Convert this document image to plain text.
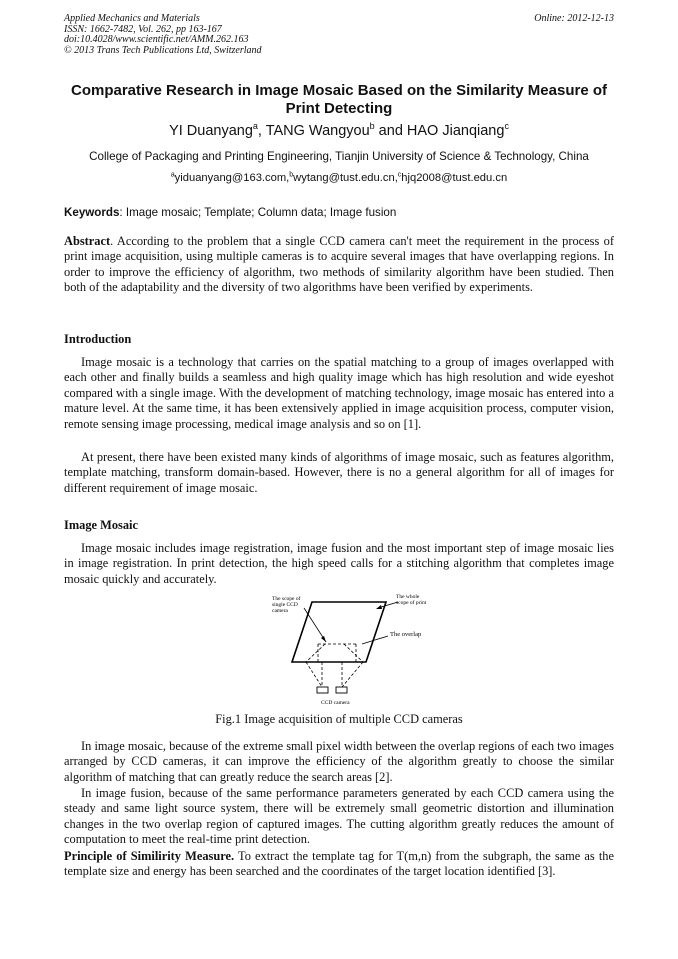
Applied Mechanics and Materials
ISSN: 1662-7482, Vol. 262, pp 163-167
doi:10.4028/www.scientific.net/AMM.262.163
© 2013 Trans Tech Publications Ltd, Switzerland
Online: 2012-12-13
Comparative Research in Image Mosaic Based on the Similarity Measure of Print Detecting
YI Duanyang$^a$, TANG Wangyou$^b$ and HAO Jianqiang$^c$
College of Packaging and Printing Engineering, Tianjin University of Science & Technology, China
$^a$yiduanyang@163.com,$^b$wytang@tust.edu.cn,$^c$hjq2008@tust.edu.cn
Keywords: Image mosaic; Template; Column data; Image fusion

Abstract. According to the problem that a single CCD camera can't meet the requirement in the process of print image acquisition, using multiple cameras is to acquire several images that have overlapping regions. In order to improve the efficiency of algorithm, two methods of similarity algorithm have been studied. Then both of the adaptability and the diversity of two algorithms have been verified by experiments.

Introduction

Image mosaic is a technology that carries on the spatial matching to a group of images overlapped with each other and finally builds a seamless and high quality image which has high resolution and wide eyeshot compared with a single image. With the development of matching technology, image mosaic has entered into a mature level. At the same time, it has been extensively applied in image acquisition process, computer vision, remote sensing image processing, medical image analysis and so on [1].

At present, there have been existed many kinds of algorithms of image mosaic, such as features algorithm, template matching, transform domain-based. However, there is no a general algorithm for all of images for different requirement of image mosaic.

Image Mosaic

Image mosaic includes image registration, image fusion and the most important step of image mosaic lies in image registration. In print detection, the high speed calls for a stitching algorithm that completes image mosaic quickly and accurately.

The scope of
single CCD
camera
The whole
scope of print
The overlap
CCD camera
Fig.1 Image acquisition of multiple CCD cameras

In image mosaic, because of the extreme small pixel width between the overlap regions of each two images arranged by CCD cameras, it can improve the efficiency of the algorithm greatly to choose the similar algorithm of matching that can greatly reduce the search areas [2].

In image fusion, because of the same performance parameters generated by each CCD camera using the steady and same light source system, there will be extremely small geometric distortion and illumination changes in the two overlap region of captured images. The cutting algorithm greatly reduces the amount of computation to meet the real-time print detection.

Principle of Similirity Measure. To extract the template tag for T(m,n) from the subgraph, the same as the template size and energy has been searched and the coordinates of the target location identified [3].
